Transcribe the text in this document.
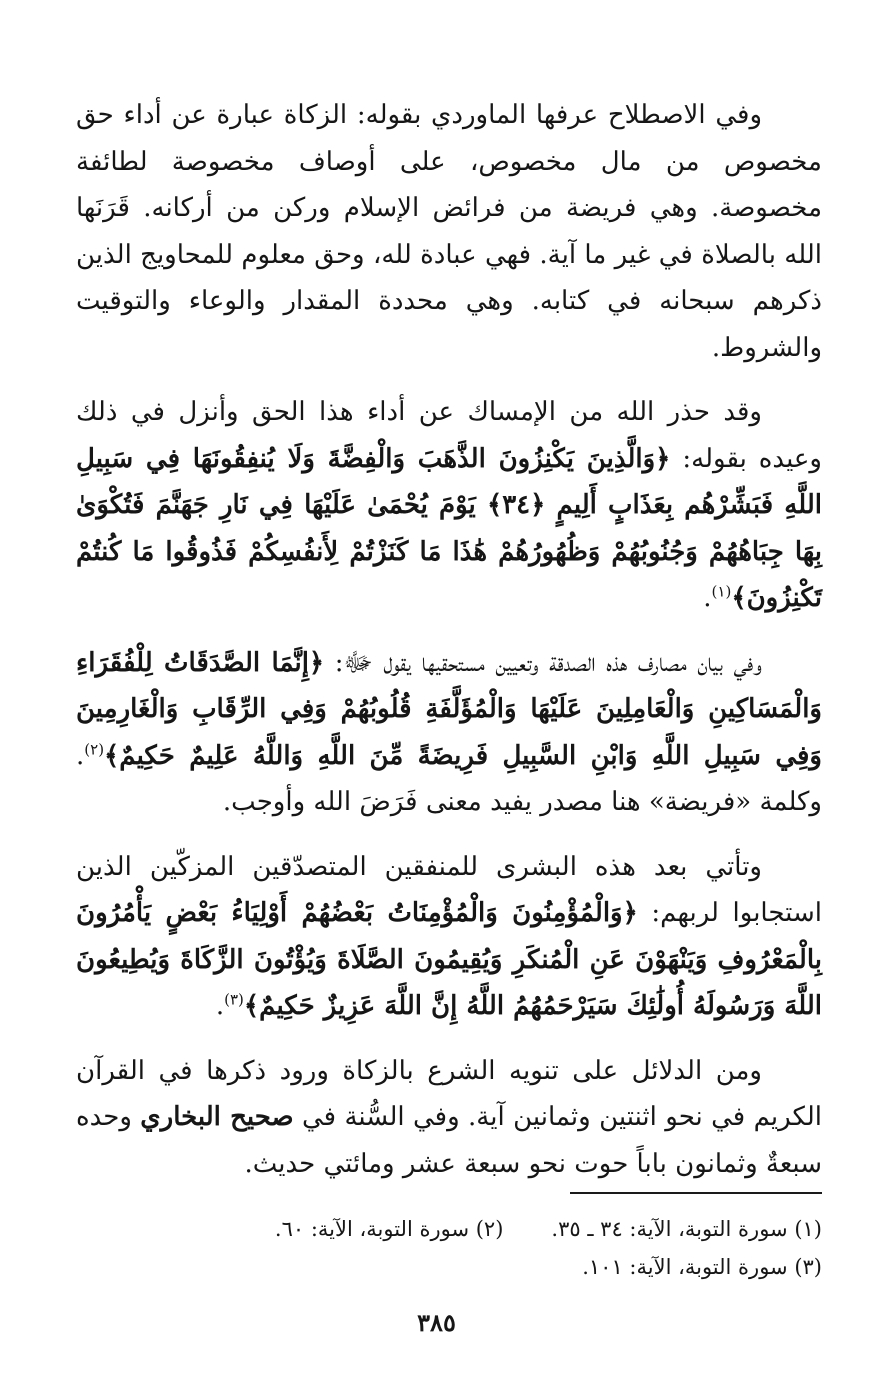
وفي الاصطلاح عرفها الماوردي بقوله: الزكاة عبارة عن أداء حق مخصوص من مال مخصوص، على أوصاف مخصوصة لطائفة مخصوصة. وهي فريضة من فرائض الإسلام وركن من أركانه. قَرَنَها الله بالصلاة في غير ما آية. فهي عبادة لله، وحق معلوم للمحاويج الذين ذكرهم سبحانه في كتابه. وهي محددة المقدار والوعاء والتوقيت والشروط.

وقد حذر الله من الإمساك عن أداء هذا الحق وأنزل في ذلك وعيده بقوله: ﴿وَالَّذِينَ يَكْنِزُونَ الذَّهَبَ وَالْفِضَّةَ وَلَا يُنفِقُونَهَا فِي سَبِيلِ اللَّهِ فَبَشِّرْهُم بِعَذَابٍ أَلِيمٍ ﴿٣٤﴾ يَوْمَ يُحْمَىٰ عَلَيْهَا فِي نَارِ جَهَنَّمَ فَتُكْوَىٰ بِهَا جِبَاهُهُمْ وَجُنُوبُهُمْ وَظُهُورُهُمْ هَٰذَا مَا كَنَزْتُمْ لِأَنفُسِكُمْ فَذُوقُوا مَا كُنتُمْ تَكْنِزُونَ﴾$^{(١)}$.

وفي بيان مصارف هذه الصدقة وتعيين مستحقيها يقول ﷻ: ﴿إِنَّمَا الصَّدَقَاتُ لِلْفُقَرَاءِ وَالْمَسَاكِينِ وَالْعَامِلِينَ عَلَيْهَا وَالْمُؤَلَّفَةِ قُلُوبُهُمْ وَفِي الرِّقَابِ وَالْغَارِمِينَ وَفِي سَبِيلِ اللَّهِ وَابْنِ السَّبِيلِ فَرِيضَةً مِّنَ اللَّهِ وَاللَّهُ عَلِيمٌ حَكِيمٌ﴾$^{(٢)}$. وكلمة «فريضة» هنا مصدر يفيد معنى فَرَضَ الله وأوجب.

وتأتي بعد هذه البشرى للمنفقين المتصدّقين المزكّين الذين استجابوا لربهم: ﴿وَالْمُؤْمِنُونَ وَالْمُؤْمِنَاتُ بَعْضُهُمْ أَوْلِيَاءُ بَعْضٍ يَأْمُرُونَ بِالْمَعْرُوفِ وَيَنْهَوْنَ عَنِ الْمُنكَرِ وَيُقِيمُونَ الصَّلَاةَ وَيُؤْتُونَ الزَّكَاةَ وَيُطِيعُونَ اللَّهَ وَرَسُولَهُ أُولَٰئِكَ سَيَرْحَمُهُمُ اللَّهُ إِنَّ اللَّهَ عَزِيزٌ حَكِيمٌ﴾$^{(٣)}$.

ومن الدلائل على تنويه الشرع بالزكاة ورود ذكرها في القرآن الكريم في نحو اثنتين وثمانين آية. وفي السُّنة في صحيح البخاري وحده سبعةٌ وثمانون باباً حوت نحو سبعة عشر ومائتي حديث.

(١) سورة التوبة، الآية: ٣٤ ـ ٣٥.
(٢) سورة التوبة، الآية: ٦٠.
(٣) سورة التوبة، الآية: ١٠١.
٣٨٥
